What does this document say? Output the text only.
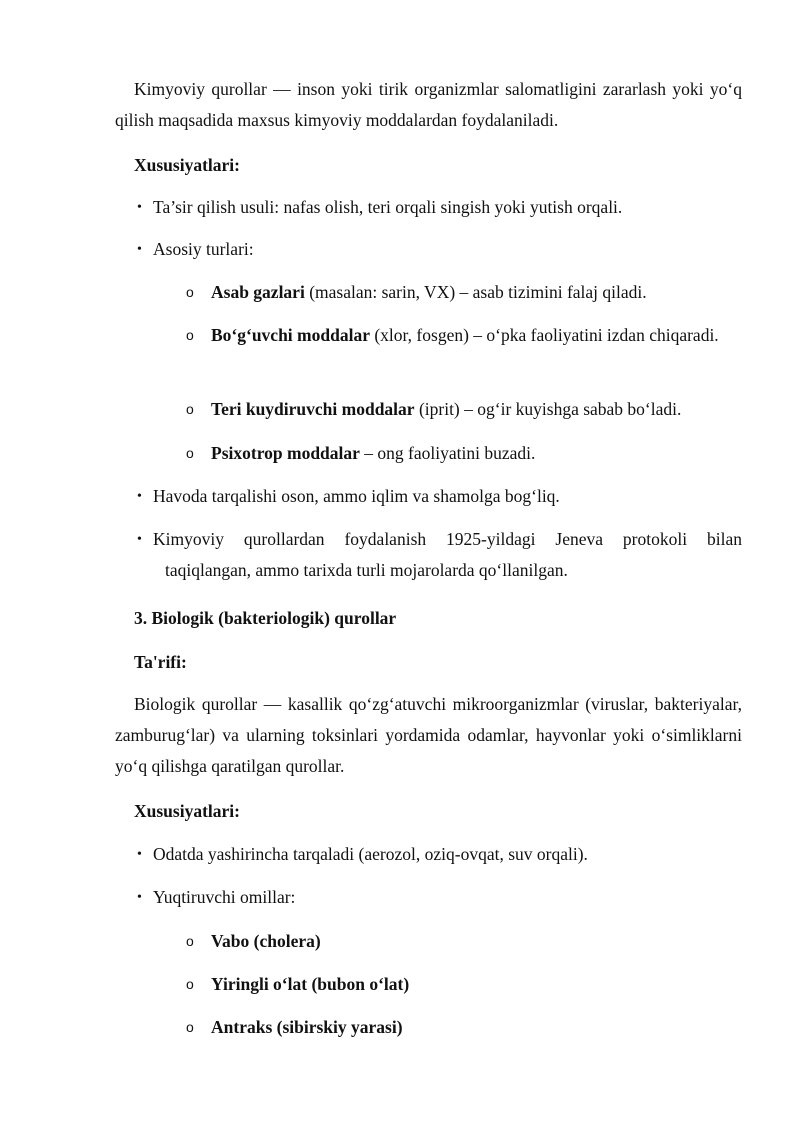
Kimyoviy qurollar — inson yoki tirik organizmlar salomatligini zararlash yoki yo‘q qilish maqsadida maxsus kimyoviy moddalardan foydalaniladi.

Xususiyatlari:

• Ta’sir qilish usuli: nafas olish, teri orqali singish yoki yutish orqali.

• Asosiy turlari:

o Asab gazlari (masalan: sarin, VX) – asab tizimini falaj qiladi.

o Bo‘g‘uvchi moddalar (xlor, fosgen) – o‘pka faoliyatini izdan chiqaradi.

o Teri kuydiruvchi moddalar (iprit) – og‘ir kuyishga sabab bo‘ladi.

o Psixotrop moddalar – ong faoliyatini buzadi.

• Havoda tarqalishi oson, ammo iqlim va shamolga bog‘liq.

• Kimyoviy qurollardan foydalanish 1925-yildagi Jeneva protokoli bilan
taqiqlangan, ammo tarixda turli mojarolarda qo‘llanilgan.

3. Biologik (bakteriologik) qurollar

Ta'rifi:

Biologik qurollar — kasallik qo‘zg‘atuvchi mikroorganizmlar (viruslar, bakteriyalar, zamburug‘lar) va ularning toksinlari yordamida odamlar, hayvonlar yoki o‘simliklarni yo‘q qilishga qaratilgan qurollar.

Xususiyatlari:

• Odatda yashirincha tarqaladi (aerozol, oziq-ovqat, suv orqali).

• Yuqtiruvchi omillar:

o Vabo (cholera)

o Yiringli o‘lat (bubon o‘lat)

o Antraks (sibirskiy yarasi)
